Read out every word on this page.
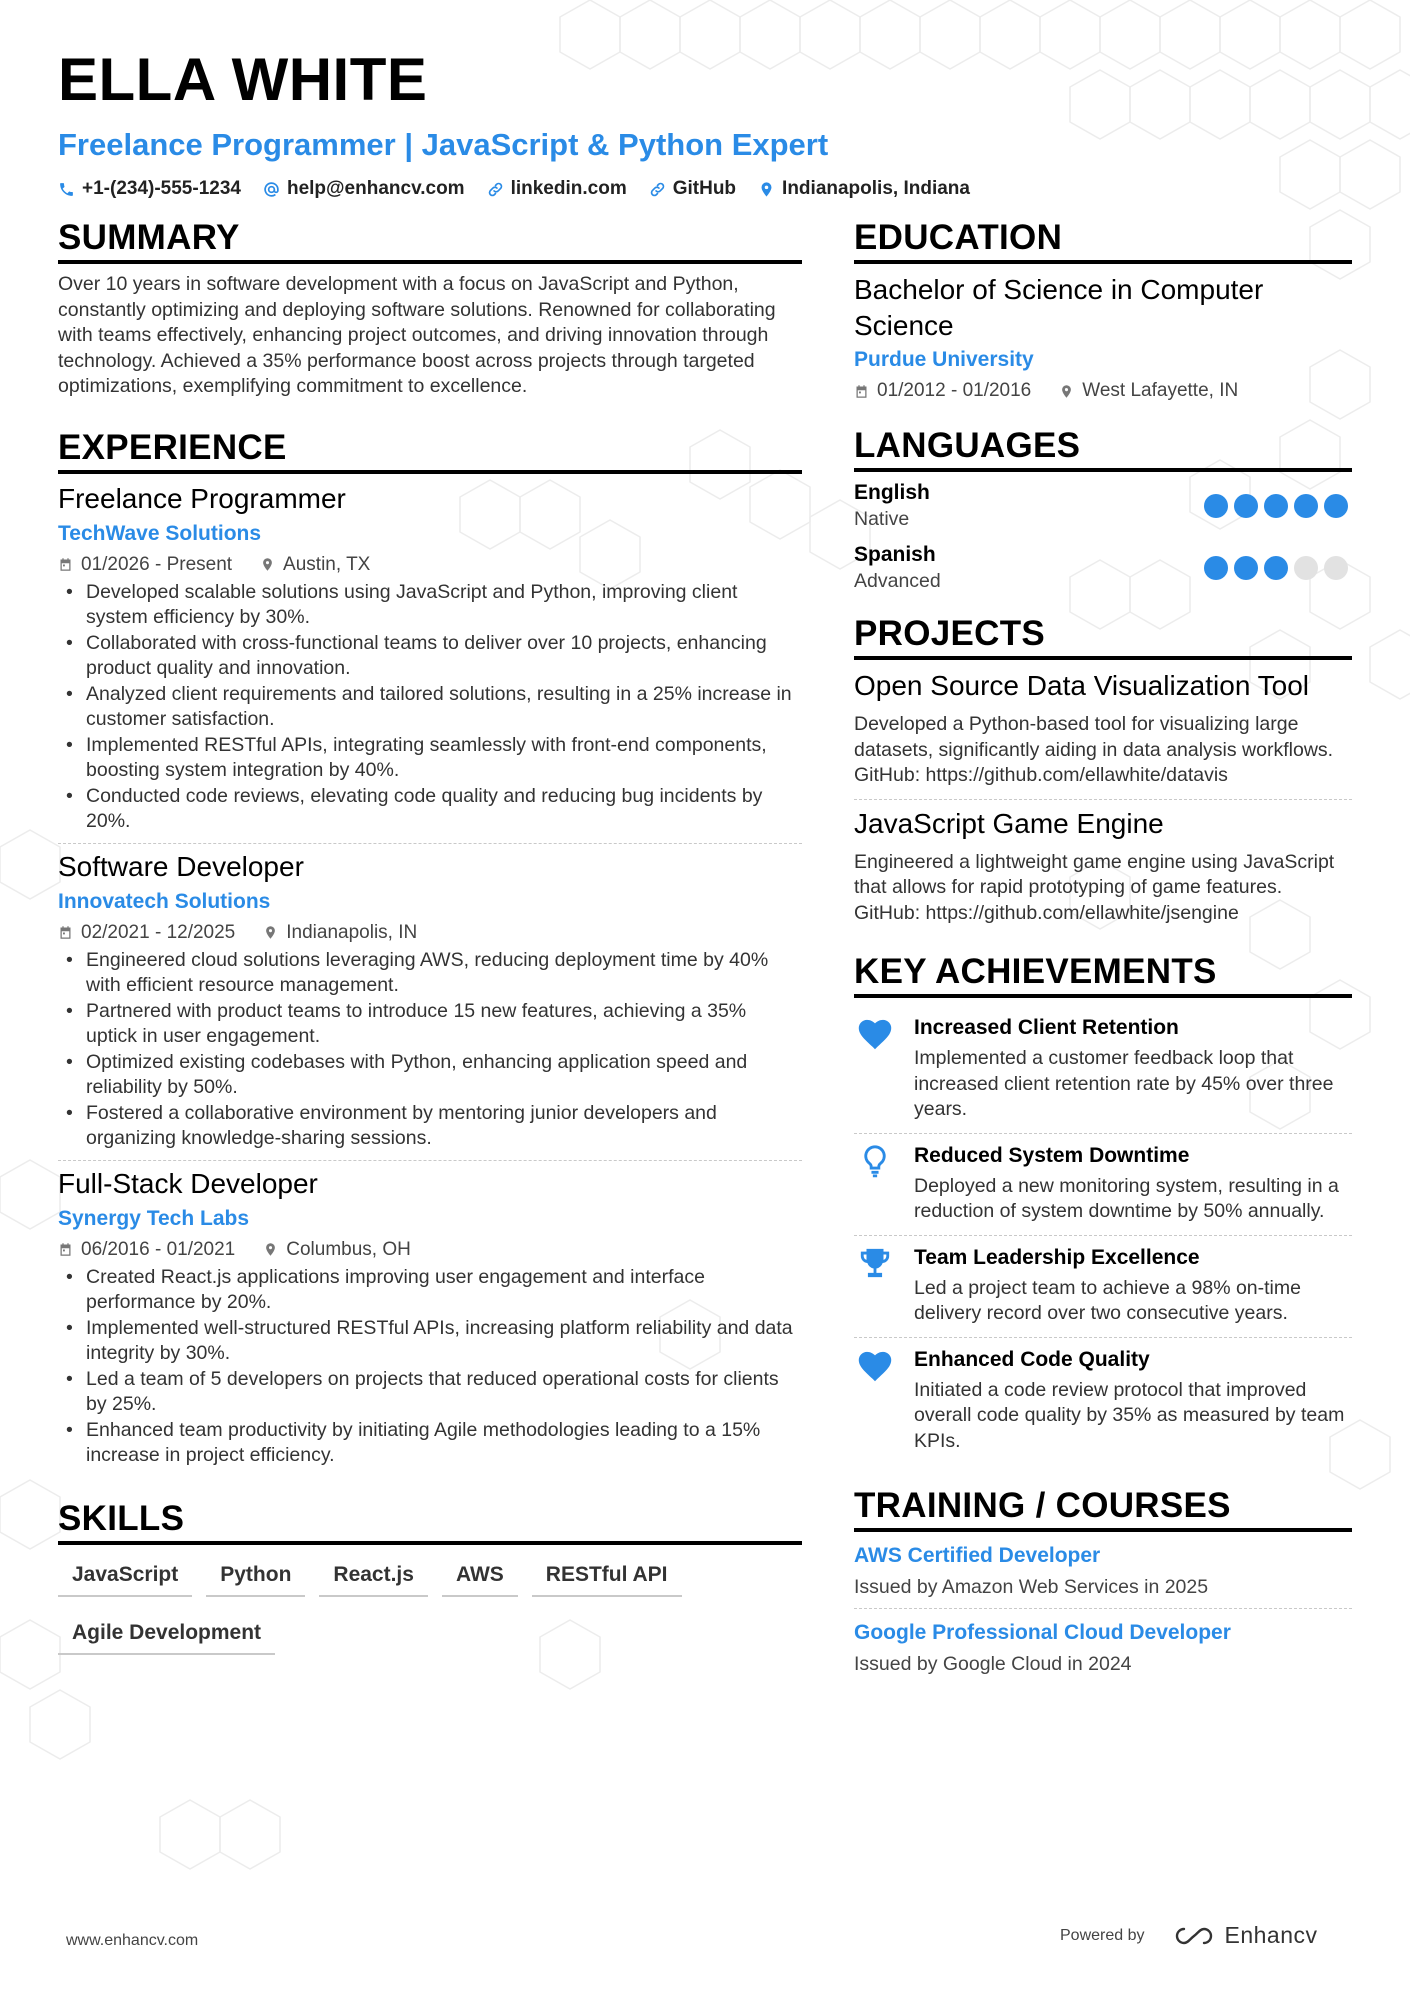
ELLA WHITE
Freelance Programmer | JavaScript & Python Expert
+1-(234)-555-1234 help@enhancv.com linkedin.com GitHub Indianapolis, Indiana
SUMMARY
Over 10 years in software development with a focus on JavaScript and Python, constantly optimizing and deploying software solutions. Renowned for collaborating with teams effectively, enhancing project outcomes, and driving innovation through technology. Achieved a 35% performance boost across projects through targeted optimizations, exemplifying commitment to excellence.
EXPERIENCE
Freelance Programmer
TechWave Solutions
01/2026 - Present	Austin, TX
• Developed scalable solutions using JavaScript and Python, improving client system efficiency by 30%.
• Collaborated with cross-functional teams to deliver over 10 projects, enhancing product quality and innovation.
• Analyzed client requirements and tailored solutions, resulting in a 25% increase in customer satisfaction.
• Implemented RESTful APIs, integrating seamlessly with front-end components, boosting system integration by 40%.
• Conducted code reviews, elevating code quality and reducing bug incidents by 20%.
Software Developer
Innovatech Solutions
02/2021 - 12/2025	Indianapolis, IN
• Engineered cloud solutions leveraging AWS, reducing deployment time by 40% with efficient resource management.
• Partnered with product teams to introduce 15 new features, achieving a 35% uptick in user engagement.
• Optimized existing codebases with Python, enhancing application speed and reliability by 50%.
• Fostered a collaborative environment by mentoring junior developers and organizing knowledge-sharing sessions.
Full-Stack Developer
Synergy Tech Labs
06/2016 - 01/2021	Columbus, OH
• Created React.js applications improving user engagement and interface performance by 20%.
• Implemented well-structured RESTful APIs, increasing platform reliability and data integrity by 30%.
• Led a team of 5 developers on projects that reduced operational costs for clients by 25%.
• Enhanced team productivity by initiating Agile methodologies leading to a 15% increase in project efficiency.
SKILLS
JavaScript	Python	React.js	AWS	RESTful API
Agile Development
EDUCATION
Bachelor of Science in Computer Science
Purdue University
01/2012 - 01/2016	West Lafayette, IN
LANGUAGES
English
Native
Spanish
Advanced
PROJECTS
Open Source Data Visualization Tool
Developed a Python-based tool for visualizing large datasets, significantly aiding in data analysis workflows. GitHub: https://github.com/ellawhite/datavis
JavaScript Game Engine
Engineered a lightweight game engine using JavaScript that allows for rapid prototyping of game features. GitHub: https://github.com/ellawhite/jsengine
KEY ACHIEVEMENTS
Increased Client Retention
Implemented a customer feedback loop that increased client retention rate by 45% over three years.
Reduced System Downtime
Deployed a new monitoring system, resulting in a reduction of system downtime by 50% annually.
Team Leadership Excellence
Led a project team to achieve a 98% on-time delivery record over two consecutive years.
Enhanced Code Quality
Initiated a code review protocol that improved overall code quality by 35% as measured by team KPIs.
TRAINING / COURSES
AWS Certified Developer
Issued by Amazon Web Services in 2025
Google Professional Cloud Developer
Issued by Google Cloud in 2024
www.enhancv.com	Powered by	Enhancv
